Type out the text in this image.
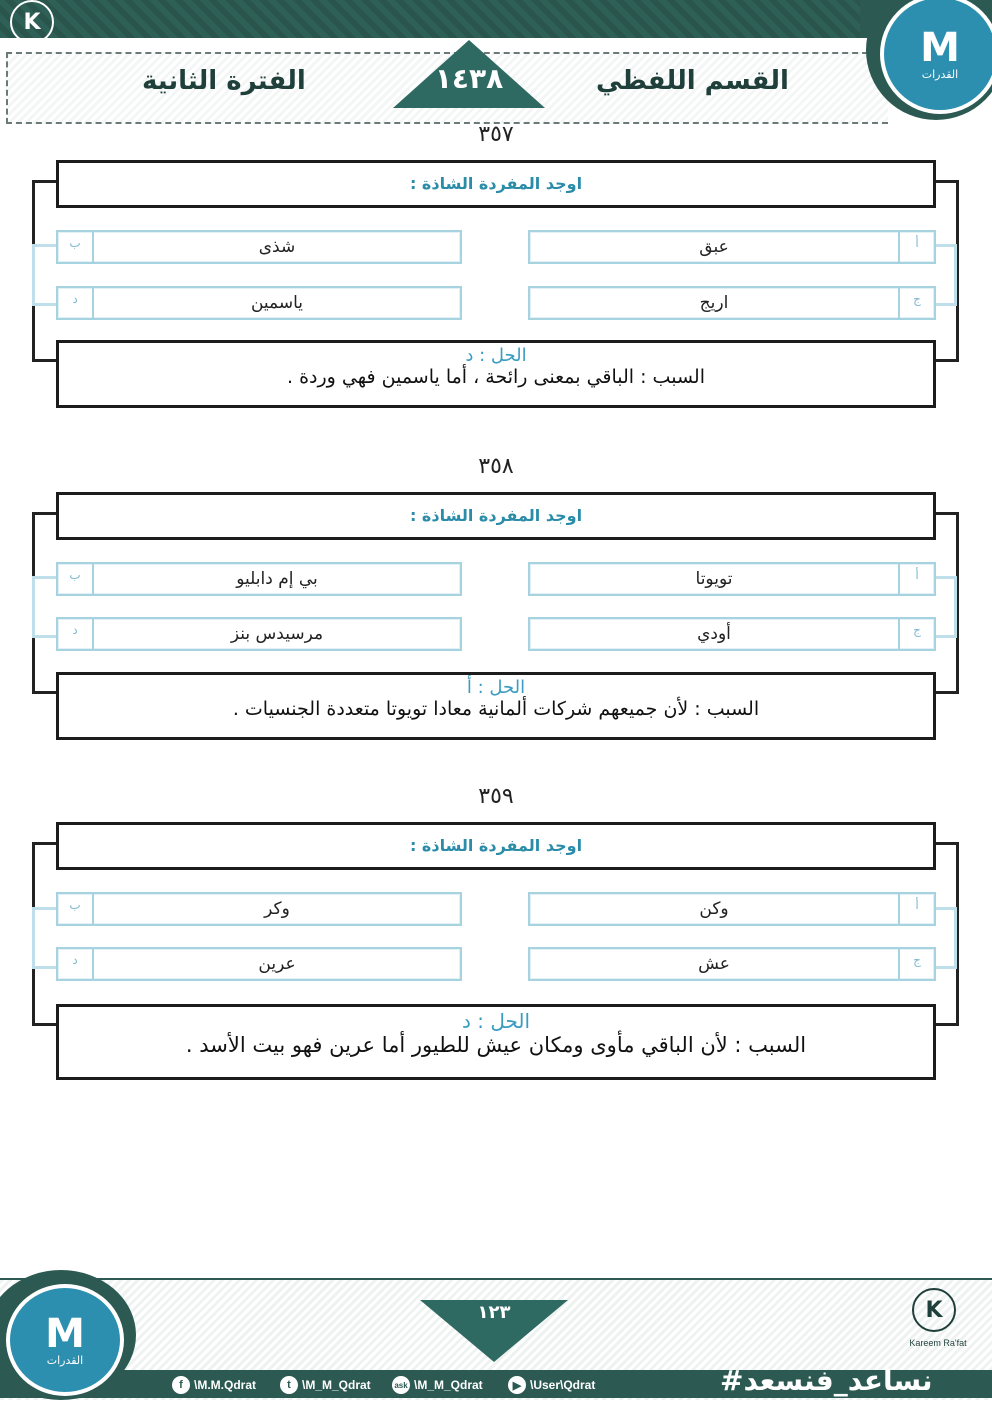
K
Kareem Ra'fat
القسم اللفظي
الفترة الثانية	١٤٣٨
M
القدرات
٣٥٧
اوجد المفردة الشاذة :
عبق	أ
ب	شذى
اريج	ج
د	ياسمين
الحل : د
السبب : الباقي بمعنى رائحة ، أما ياسمين فهي وردة .
٣٥٨
اوجد المفردة الشاذة :
تويوتا	أ
ب	بي إم دابليو
أودي	ج
د	مرسيدس بنز
الحل : أ
السبب : لأن جميعهم شركات ألمانية معادا تويوتا متعددة الجنسيات .
٣٥٩
اوجد المفردة الشاذة :
وكن	أ
ب	وكر
عش	ج
د	عرين
الحل : د
السبب : لأن الباقي مأوى ومكان عيش للطيور أما عرين فهو بيت الأسد .
M
القدرات
١٢٣	K
Kareem Ra'fat
f \M.M.Qdrat	t \M_M_Qdrat	ask \M_M_Qdrat	▶ \User\Qdrat	#نساعد_فنسعد
